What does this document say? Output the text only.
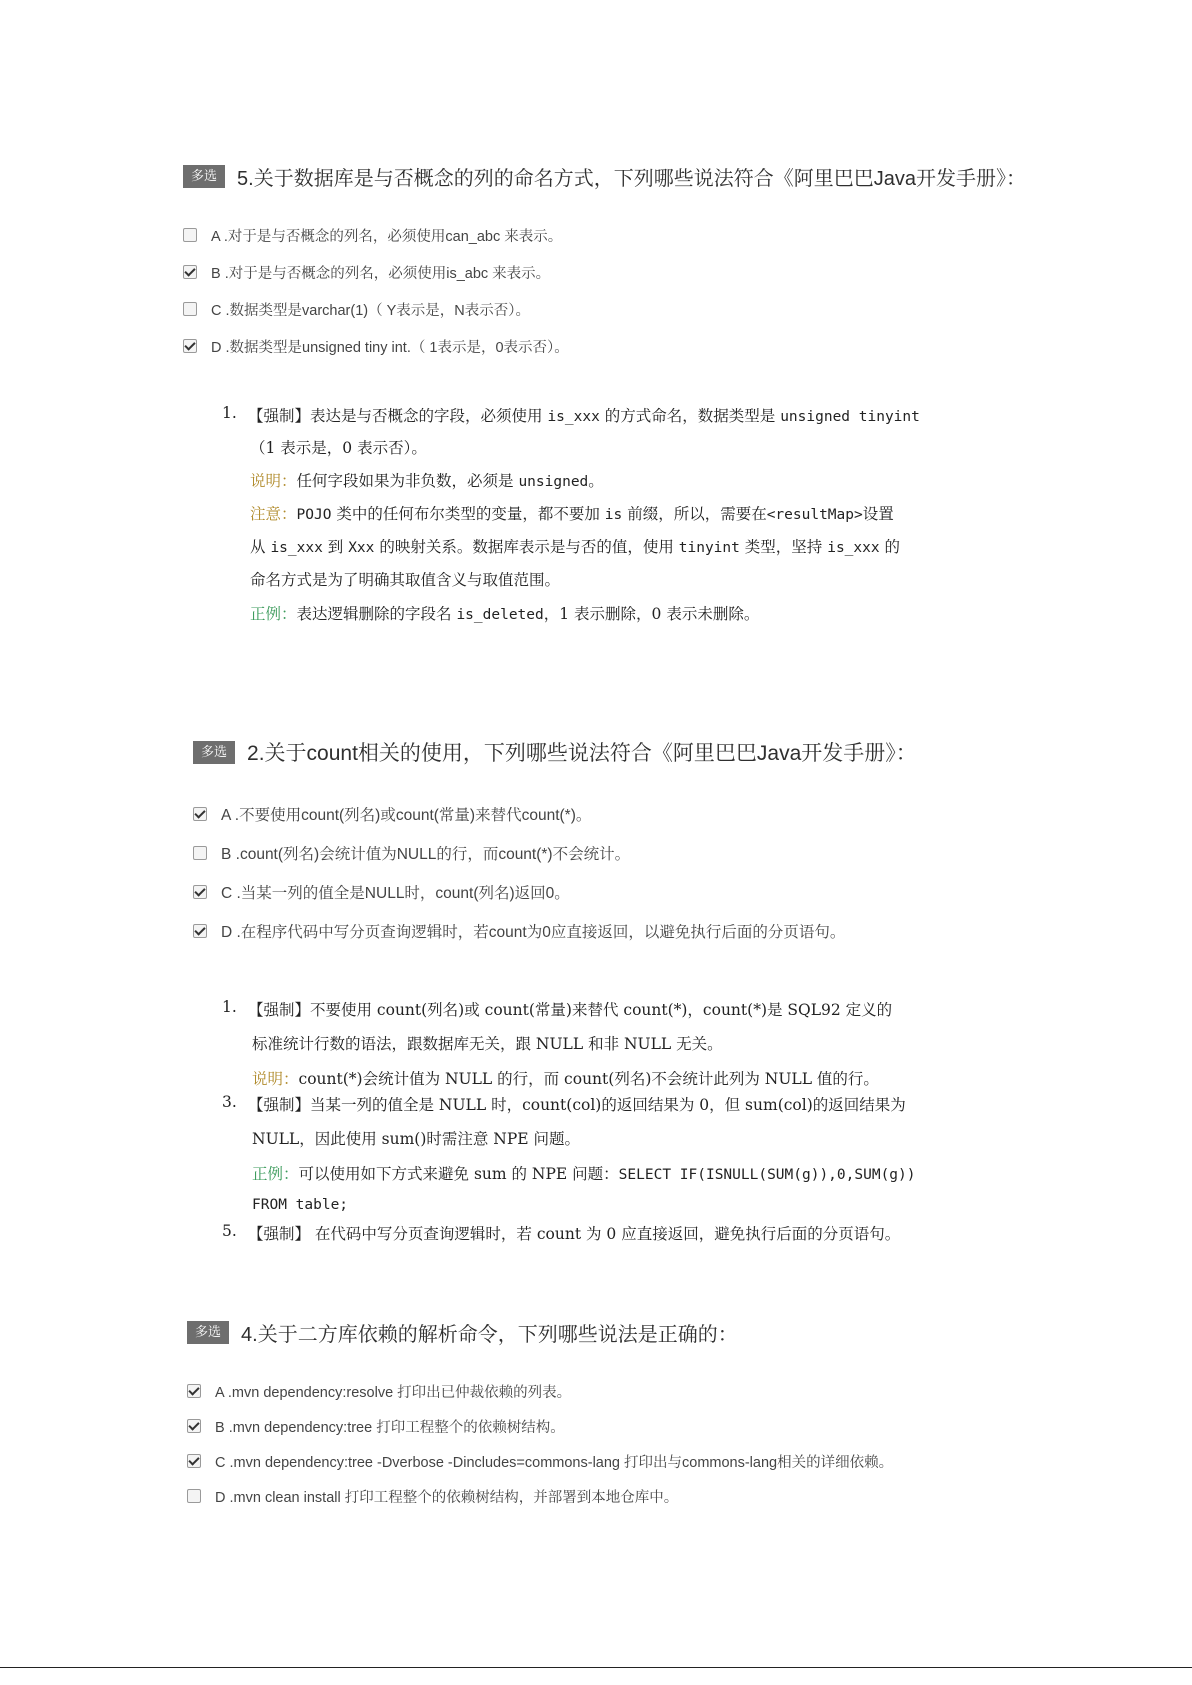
多选	5.关于数据库是与否概念的列的命名方式，下列哪些说法符合《阿里巴巴Java开发手册》：
A .对于是与否概念的列名，必须使用can_abc 来表示。
B .对于是与否概念的列名，必须使用is_abc 来表示。
C .数据类型是varchar(1)（ Y表示是，N表示否）。
D .数据类型是unsigned tiny int.（ 1表示是，0表示否）。
1. 【强制】表达是与否概念的字段，必须使用 is_xxx 的方式命名，数据类型是 unsigned tinyint
（1 表示是，0 表示否）。
说明：任何字段如果为非负数，必须是 unsigned。
注意：POJO 类中的任何布尔类型的变量，都不要加 is 前缀，所以，需要在<resultMap>设置
从 is_xxx 到 Xxx 的映射关系。数据库表示是与否的值，使用 tinyint 类型，坚持 is_xxx 的
命名方式是为了明确其取值含义与取值范围。
正例：表达逻辑删除的字段名 is_deleted，1 表示删除，0 表示未删除。
多选 2.关于count相关的使用，下列哪些说法符合《阿里巴巴Java开发手册》：
A .不要使用count(列名)或count(常量)来替代count(*)。
B .count(列名)会统计值为NULL的行，而count(*)不会统计。
C .当某一列的值全是NULL时，count(列名)返回0。
D .在程序代码中写分页查询逻辑时，若count为0应直接返回，以避免执行后面的分页语句。
1. 【强制】不要使用 count(列名)或 count(常量)来替代 count(*)，count(*)是 SQL92 定义的
标准统计行数的语法，跟数据库无关，跟 NULL 和非 NULL 无关。
说明：count(*)会统计值为 NULL 的行，而 count(列名)不会统计此列为 NULL 值的行。
3. 【强制】当某一列的值全是 NULL 时，count(col)的返回结果为 0，但 sum(col)的返回结果为
NULL，因此使用 sum()时需注意 NPE 问题。
正例：可以使用如下方式来避免 sum 的 NPE 问题：SELECT IF(ISNULL(SUM(g)),0,SUM(g))
FROM table;
5. 【强制】 在代码中写分页查询逻辑时，若 count 为 0 应直接返回，避免执行后面的分页语句。
多选	4.关于二方库依赖的解析命令，下列哪些说法是正确的：
A .mvn dependency:resolve 打印出已仲裁依赖的列表。
B .mvn dependency:tree 打印工程整个的依赖树结构。
C .mvn dependency:tree -Dverbose -Dincludes=commons-lang 打印出与commons-lang相关的详细依赖。
D .mvn clean install 打印工程整个的依赖树结构，并部署到本地仓库中。
